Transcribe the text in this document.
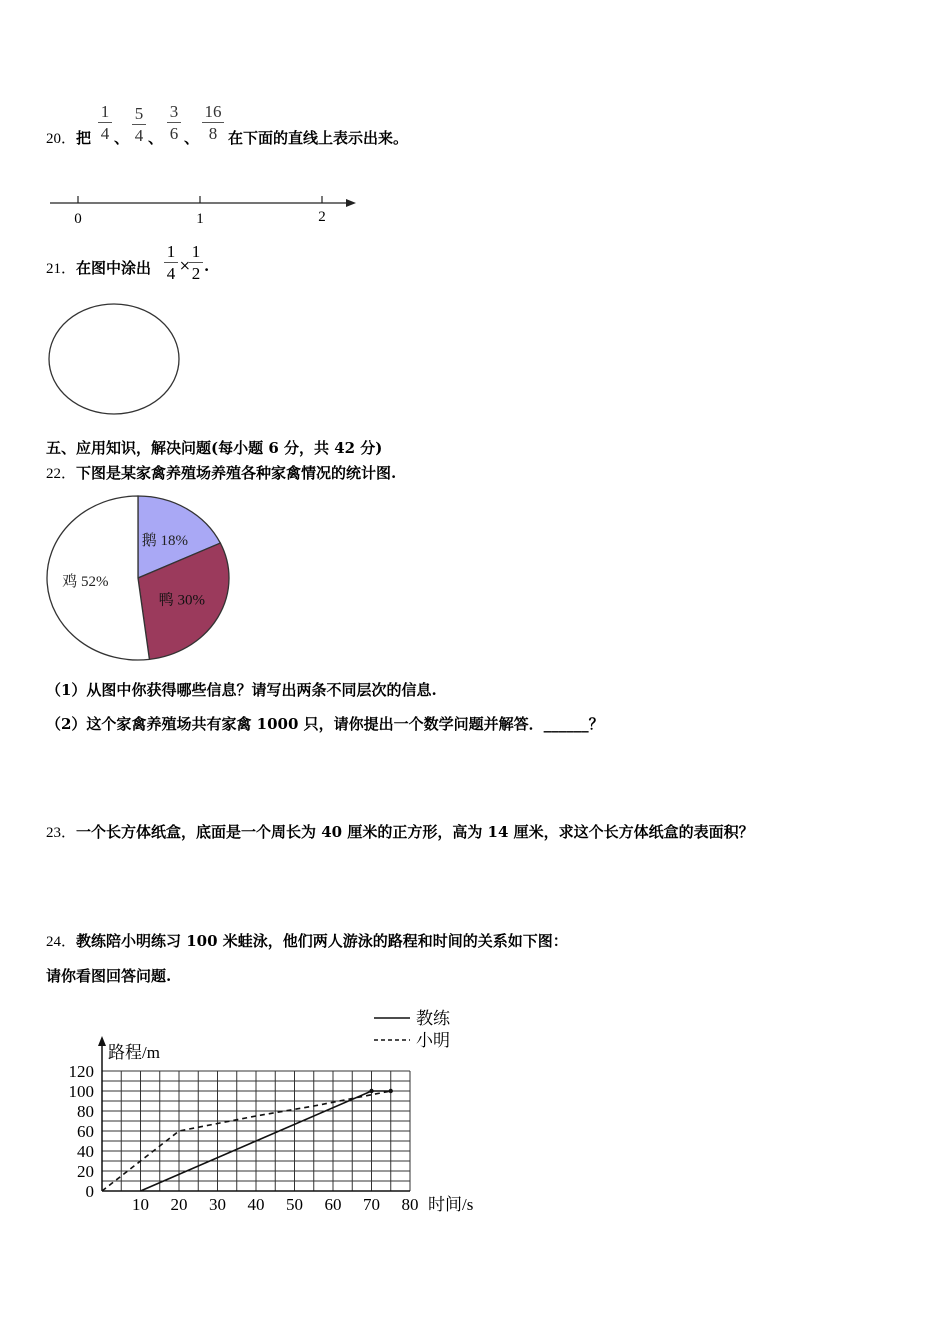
20．把
1
4 、
5
4 、
3
6 、
16
8 在下面的直线上表示出来。
0	1	2
21．在图中涂出
1
4 ×
1
2 .
五、应用知识，解决问题(每小题 6 分，共 42 分)
22．下图是某家禽养殖场养殖各种家禽情况的统计图.
鹅 18%
鸭 30%
鸡 52%
（1）从图中你获得哪些信息？请写出两条不同层次的信息.
（2）这个家禽养殖场共有家禽 1000 只，请你提出一个数学问题并解答．______？
23．一个长方体纸盒，底面是一个周长为 40 厘米的正方形，高为 14 厘米，求这个长方体纸盒的表面积？
24．教练陪小明练习 100 米蛙泳，他们两人游泳的路程和时间的关系如下图：
请你看图回答问题.
路程/m
时间/s
0
20
40
60
80
100
120
10 20 30 40 50 60 70 80
教练
小明
